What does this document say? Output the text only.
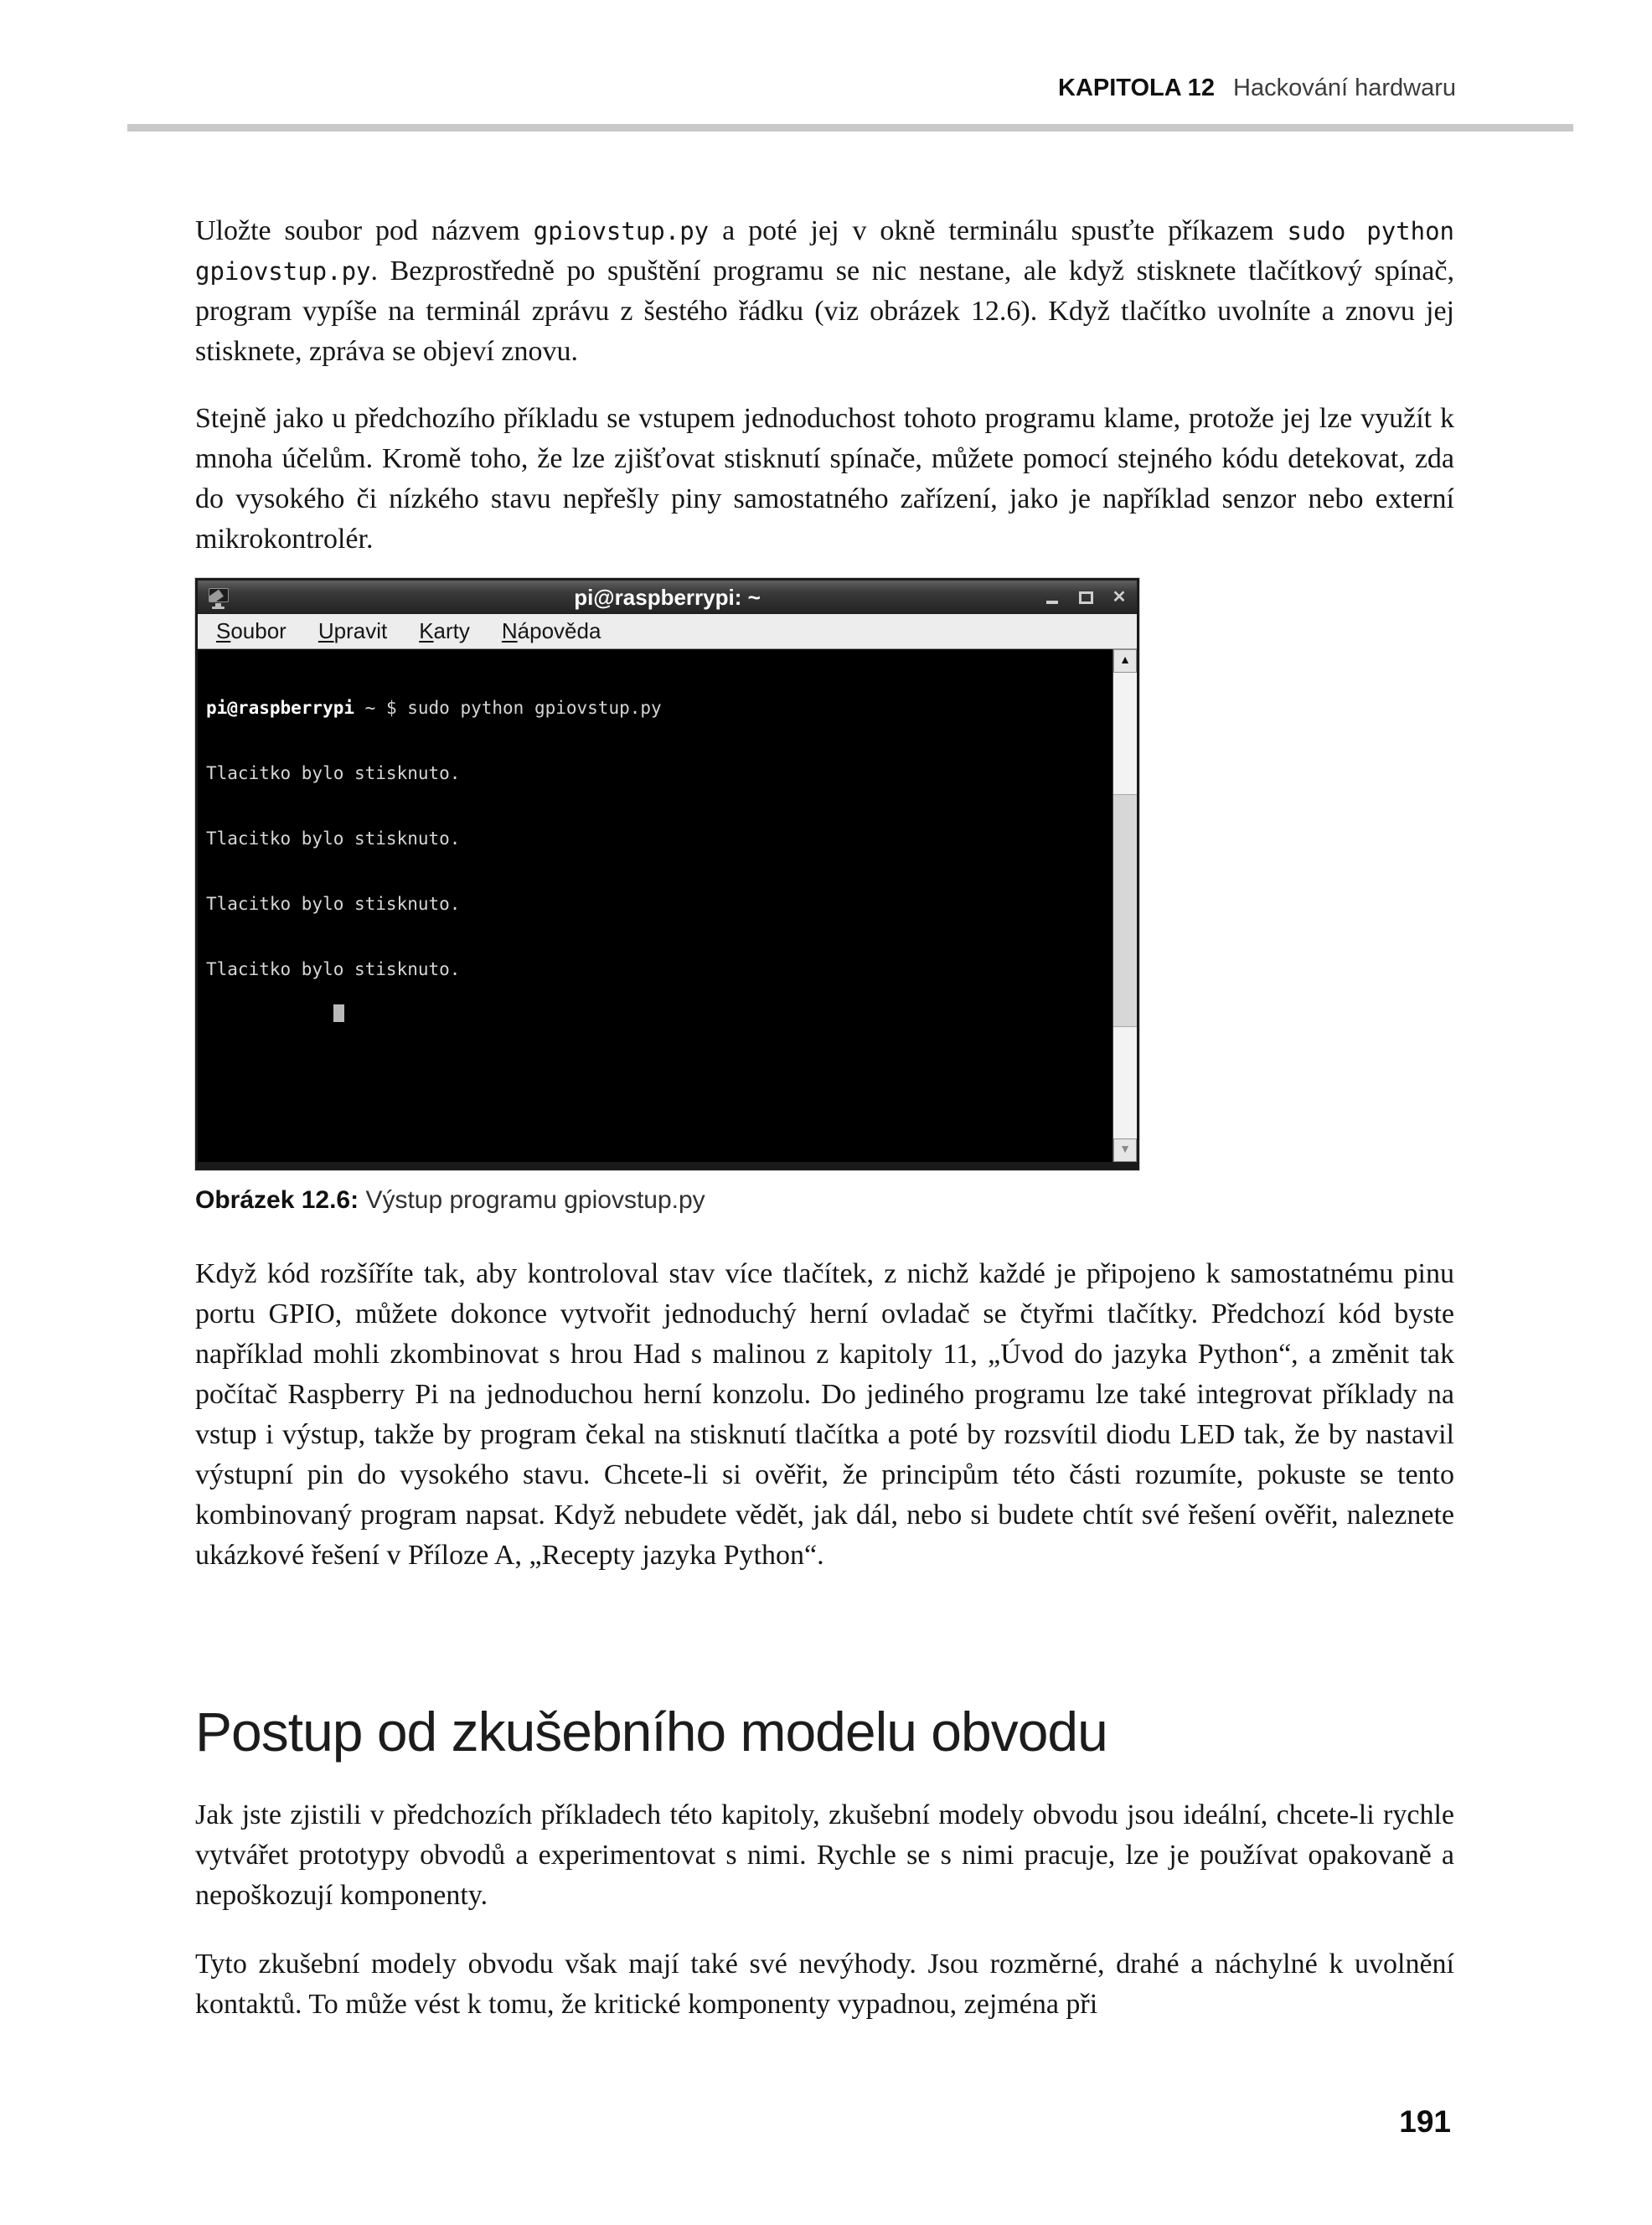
KAPITOLA 12 Hackování hardwaru

Uložte soubor pod názvem gpiovstup.py a poté jej v okně terminálu spusťte příkazem sudo python gpiovstup.py. Bezprostředně po spuštění programu se nic nestane, ale když stisknete tlačítkový spínač, program vypíše na terminál zprávu z šestého řádku (viz obrázek 12.6). Když tlačítko uvolníte a znovu jej stisknete, zpráva se objeví znovu.

Stejně jako u předchozího příkladu se vstupem jednoduchost tohoto programu klame, protože jej lze využít k mnoha účelům. Kromě toho, že lze zjišťovat stisknutí spínače, můžete pomocí stejného kódu detekovat, zda do vysokého či nízkého stavu nepřešly piny samostatného zařízení, jako je například senzor nebo externí mikrokontrolér.

pi@raspberrypi: ~	✕
Soubor Upravit Karty Nápověda

pi@raspberrypi ~ $ sudo python gpiovstup.py

Tlacitko bylo stisknuto.

Tlacitko bylo stisknuto.

Tlacitko bylo stisknuto.

Tlacitko bylo stisknuto.

▲
▼

Obrázek 12.6: Výstup programu gpiovstup.py

Když kód rozšíříte tak, aby kontroloval stav více tlačítek, z nichž každé je připojeno k samostatnému pinu portu GPIO, můžete dokonce vytvořit jednoduchý herní ovladač se čtyřmi tlačítky. Předchozí kód byste například mohli zkombinovat s hrou Had s malinou z kapitoly 11, „Úvod do jazyka Python“, a změnit tak počítač Raspberry Pi na jednoduchou herní konzolu. Do jediného programu lze také integrovat příklady na vstup i výstup, takže by program čekal na stisknutí tlačítka a poté by rozsvítil diodu LED tak, že by nastavil výstupní pin do vysokého stavu. Chcete-li si ověřit, že principům této části rozumíte, pokuste se tento kombinovaný program napsat. Když nebudete vědět, jak dál, nebo si budete chtít své řešení ověřit, naleznete ukázkové řešení v Příloze A, „Recepty jazyka Python“.

Postup od zkušebního modelu obvodu

Jak jste zjistili v předchozích příkladech této kapitoly, zkušební modely obvodu jsou ideální, chcete-li rychle vytvářet prototypy obvodů a experimentovat s nimi. Rychle se s nimi pracuje, lze je používat opakovaně a nepoškozují komponenty.

Tyto zkušební modely obvodu však mají také své nevýhody. Jsou rozměrné, drahé a náchylné k uvolnění kontaktů. To může vést k tomu, že kritické komponenty vypadnou, zejména při

191
